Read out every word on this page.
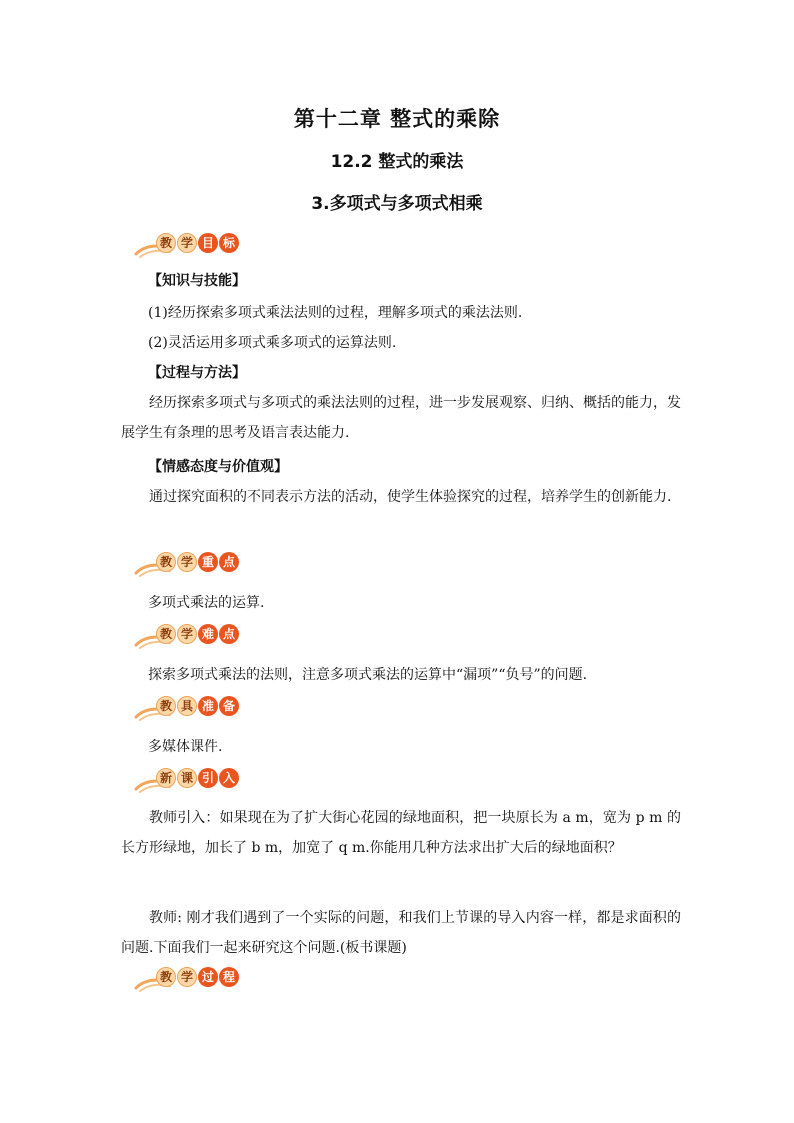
第十二章 整式的乘除
12.2 整式的乘法
3.多项式与多项式相乘
教 学 目 标
【知识与技能】
(1)经历探索多项式乘法法则的过程，理解多项式的乘法法则.
(2)灵活运用多项式乘多项式的运算法则.
【过程与方法】
经历探索多项式与多项式的乘法法则的过程，进一步发展观察、归纳、概括的能力，发展学生有条理的思考及语言表达能力.
【情感态度与价值观】
通过探究面积的不同表示方法的活动，使学生体验探究的过程，培养学生的创新能力.
教 学 重 点
多项式乘法的运算.
教 学 难 点
探索多项式乘法的法则，注意多项式乘法的运算中“漏项”“负号”的问题.
教 具 准 备
多媒体课件.
新 课 引 入
教师引入：如果现在为了扩大街心花园的绿地面积，把一块原长为 a m，宽为 p m 的长方形绿地，加长了 b m，加宽了 q m.你能用几种方法求出扩大后的绿地面积？
教师: 刚才我们遇到了一个实际的问题，和我们上节课的导入内容一样，都是求面积的问题.下面我们一起来研究这个问题.(板书课题)
教 学 过 程
